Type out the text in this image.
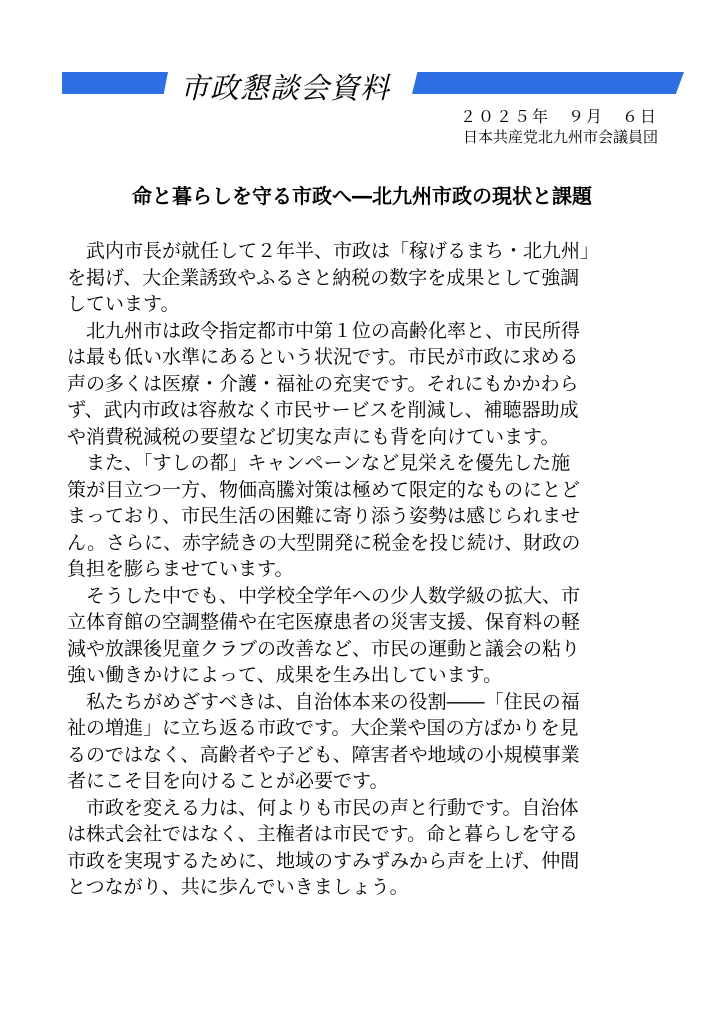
市政懇談会資料
２０２５年　９月　６日
日本共産党北九州市会議員団
命と暮らしを守る市政へ―北九州市政の現状と課題
　武内市長が就任して２年半、市政は「稼げるまち・北九州」
を掲げ、大企業誘致やふるさと納税の数字を成果として強調
しています。
　北九州市は政令指定都市中第１位の高齢化率と、市民所得
は最も低い水準にあるという状況です。市民が市政に求める
声の多くは医療・介護・福祉の充実です。それにもかかわら
ず、武内市政は容赦なく市民サービスを削減し、補聴器助成
や消費税減税の要望など切実な声にも背を向けています。
　また、「すしの都」キャンペーンなど見栄えを優先した施
策が目立つ一方、物価高騰対策は極めて限定的なものにとど
まっており、市民生活の困難に寄り添う姿勢は感じられませ
ん。さらに、赤字続きの大型開発に税金を投じ続け、財政の
負担を膨らませています。
　そうした中でも、中学校全学年への少人数学級の拡大、市
立体育館の空調整備や在宅医療患者の災害支援、保育料の軽
減や放課後児童クラブの改善など、市民の運動と議会の粘り
強い働きかけによって、成果を生み出しています。
　私たちがめざすべきは、自治体本来の役割――「住民の福
祉の増進」に立ち返る市政です。大企業や国の方ばかりを見
るのではなく、高齢者や子ども、障害者や地域の小規模事業
者にこそ目を向けることが必要です。
　市政を変える力は、何よりも市民の声と行動です。自治体
は株式会社ではなく、主権者は市民です。命と暮らしを守る
市政を実現するために、地域のすみずみから声を上げ、仲間
とつながり、共に歩んでいきましょう。
